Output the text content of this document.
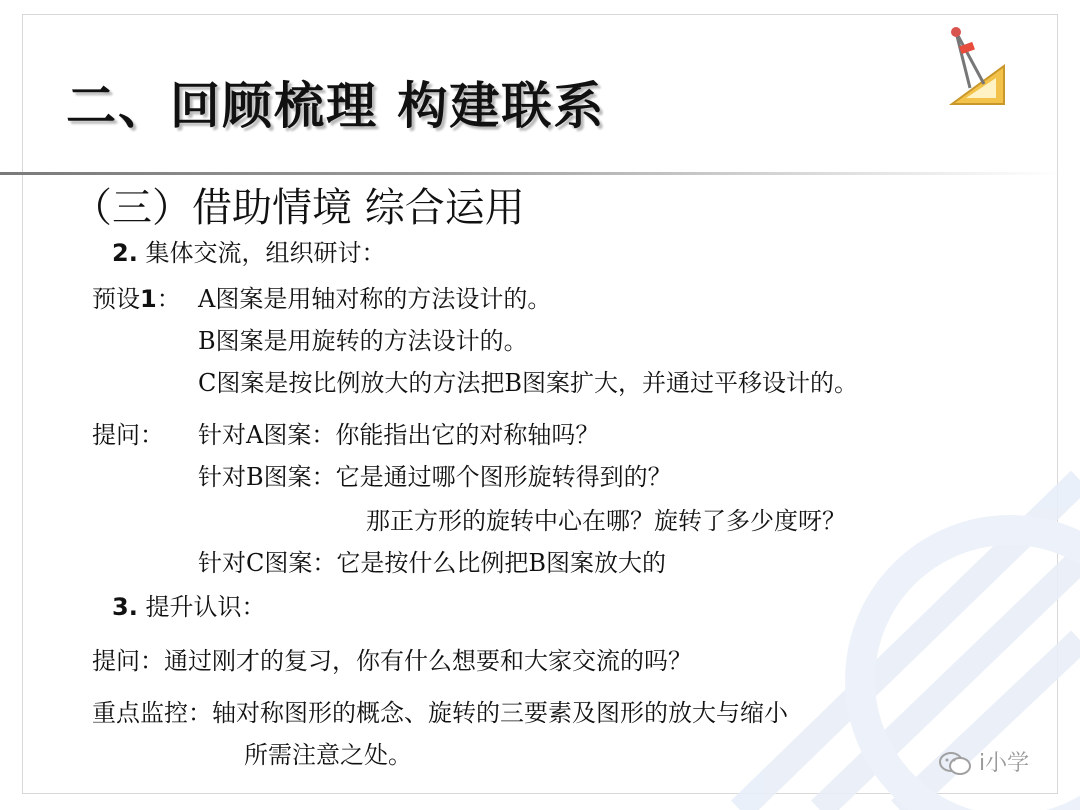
二、回顾梳理 构建联系
（三）借助情境 综合运用
2. 集体交流，组织研讨：
预设1： A图案是用轴对称的方法设计的。
B图案是用旋转的方法设计的。
C图案是按比例放大的方法把B图案扩大，并通过平移设计的。
提问： 针对A图案：你能指出它的对称轴吗？
针对B图案：它是通过哪个图形旋转得到的？
那正方形的旋转中心在哪？旋转了多少度呀？
针对C图案：它是按什么比例把B图案放大的
3. 提升认识：
提问：通过刚才的复习，你有什么想要和大家交流的吗？
重点监控：轴对称图形的概念、旋转的三要素及图形的放大与缩小
所需注意之处。	i小学
